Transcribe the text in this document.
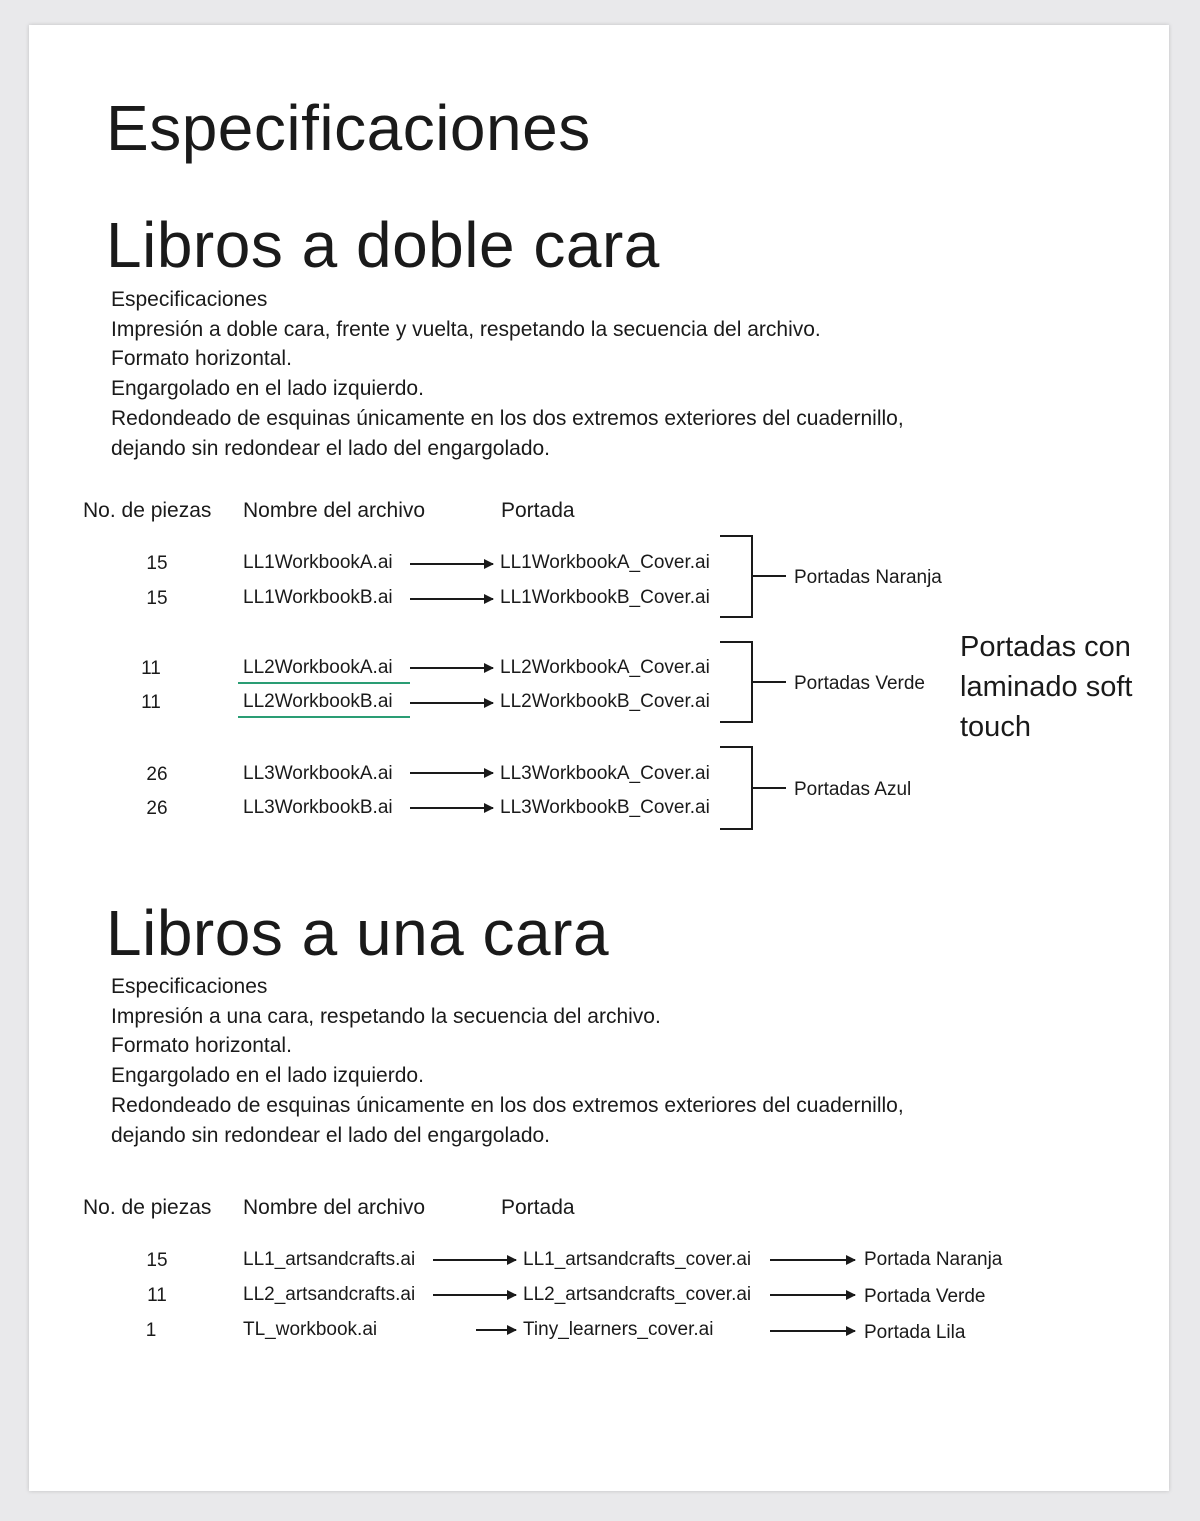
Especificaciones
Libros a doble cara

Especificaciones

Impresión a doble cara, frente y vuelta, respetando la secuencia del archivo.

Formato horizontal.

Engargolado en el lado izquierdo.

Redondeado de esquinas únicamente en los dos extremos exteriores del cuadernillo,

dejando sin redondear el lado del engargolado.

No. de piezas Nombre del archivo	Portada
15	LL1WorkbookA.ai	LL1WorkbookA_Cover.ai
15	LL1WorkbookB.ai	LL1WorkbookB_Cover.ai
11	LL2WorkbookA.ai	LL2WorkbookA_Cover.ai
11	LL2WorkbookB.ai	LL2WorkbookB_Cover.ai
26	LL3WorkbookA.ai	LL3WorkbookA_Cover.ai
26	LL3WorkbookB.ai	LL3WorkbookB_Cover.ai
Portadas Naranja
Portadas Verde
Portadas Azul
Portadas con laminado soft touch
Libros a una cara

Especificaciones

Impresión a una cara, respetando la secuencia del archivo.

Formato horizontal.

Engargolado en el lado izquierdo.

Redondeado de esquinas únicamente en los dos extremos exteriores del cuadernillo,

dejando sin redondear el lado del engargolado.

No. de piezas Nombre del archivo	Portada
15	LL1_artsandcrafts.ai	LL1_artsandcrafts_cover.ai	Portada Naranja
11	LL2_artsandcrafts.ai	LL2_artsandcrafts_cover.ai	Portada Verde
1	TL_workbook.ai	Tiny_learners_cover.ai	Portada Lila
